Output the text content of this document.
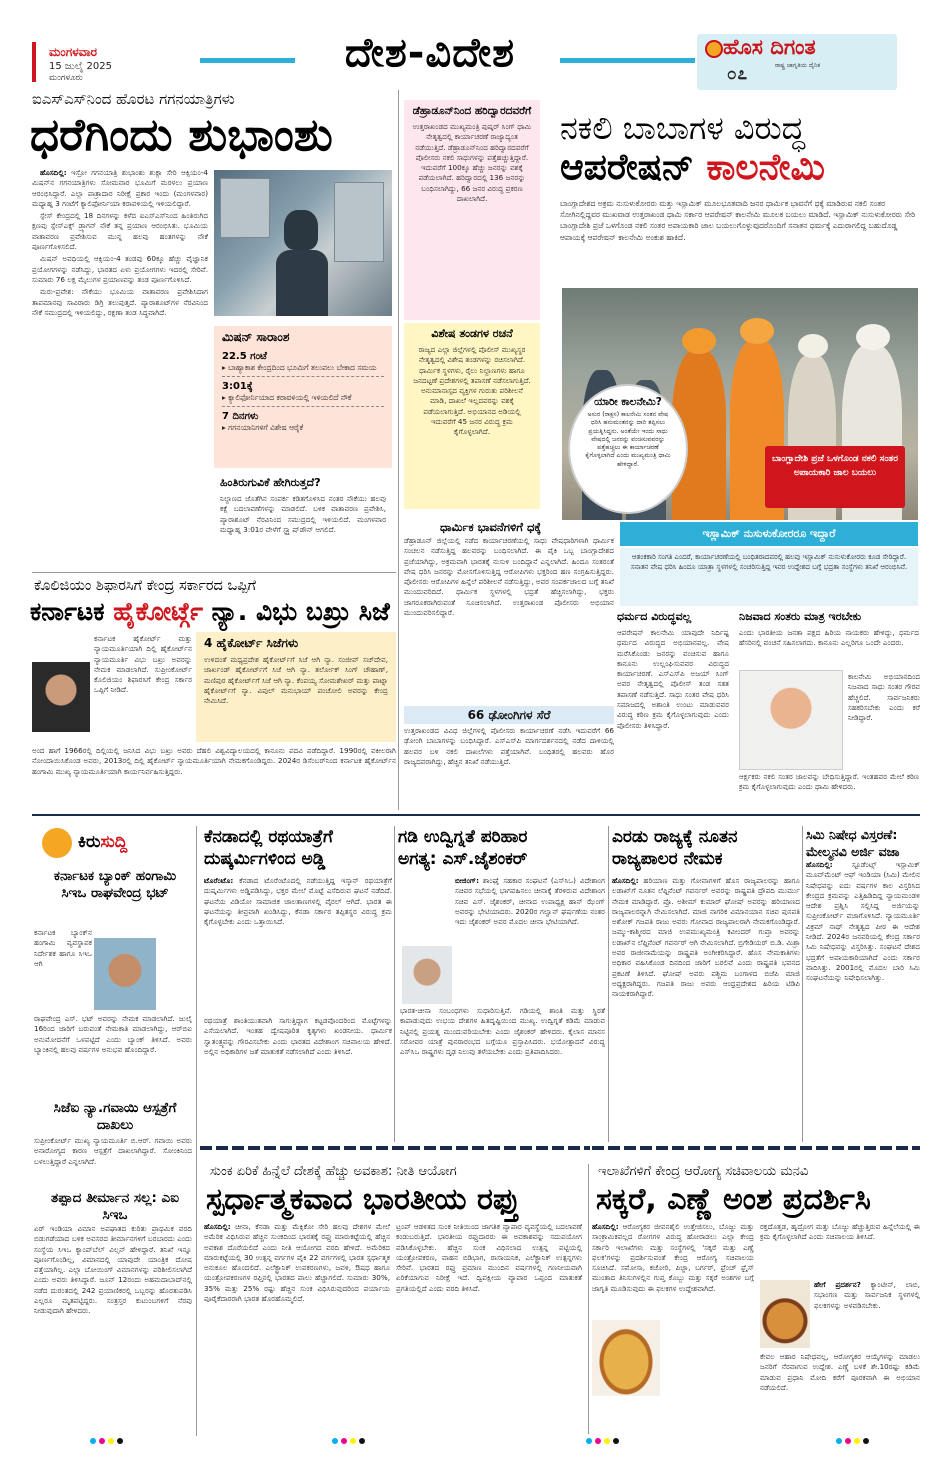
ಮಂಗಳವಾರ
15 ಜುಲೈ 2025
ಮಂಗಳೂರು
ದೇಶ-ವಿದೇಶ	ಹೊಸ ದಿಗಂತ
ರಾಷ್ಟ್ರ ಜಾಗೃತಿಯ ದೈನಿಕ
೦೭
ಐಎಸ್‌ಎಸ್‌ನಿಂದ ಹೊರಟ ಗಗನಯಾತ್ರಿಗಳು
ಧರೆಗಿಂದು ಶುಭಾಂಶು

ಹೊಸದಿಲ್ಲಿ: ಇಸ್ರೋ ಗಗನಯಾತ್ರಿ ಶುಭಾಂಶು ಶುಕ್ಲಾ ಸೇರಿ ಆಕ್ಸಿಯಂ-4 ಮಿಷನ್‌ನ ಗಗನಯಾತ್ರಿಗಳು ಸೋಮವಾರ ಭೂಮಿಗೆ ಮರಳಲು ಪ್ರಯಾಣ ಆರಂಭಿಸಿದ್ದಾರೆ. ಎಲ್ಲಾ ಪಾತ್ರಾದಾರ ನಿರೀಕ್ಷೆ ಪ್ರಕಾರ ಇಂದು (ಮಂಗಳವಾರ) ಮಧ್ಯಾಹ್ನ 3 ಗಂಟೆಗೆ ಕ್ಯಾಲಿಫೋರ್ನಿಯಾ ಕರಾವಳಿಯಲ್ಲಿ ಇಳಿಯಲಿದ್ದಾರೆ.

ಸ್ಪೇಸ್ ಕೇಂದ್ರದಲ್ಲಿ 18 ದಿನಗಳನ್ನು ಕಳೆದ ಐಎಸ್‌ಎಸ್‌ನಿಂದ ಹಿಂತಿರುಗಿದ ಕ್ಷಣವು ಸ್ಪೇಸ್‌ಎಕ್ಸ್ ಡ್ರ್ಯಾಗನ್ ನೌಕೆ ತನ್ನ ಪ್ರಯಾಣ ಆರಂಭಿಸಿತು. ಭೂಮಿಯ ವಾತಾವರಣ ಪ್ರವೇಶಿಸುವ ಮುನ್ನ ಹಲವು ಹಂತಗಳನ್ನು ನೌಕೆ ಪೂರ್ಣಗೊಳಿಸಲಿದೆ.

ಮಿಷನ್ ಅವಧಿಯಲ್ಲಿ ಆಕ್ಸಿಯಂ-4 ತಂಡವು 60ಕ್ಕೂ ಹೆಚ್ಚು ವೈಜ್ಞಾನಿಕ ಪ್ರಯೋಗಗಳನ್ನು ನಡೆಸಿದ್ದು, ಭಾರತದ ಏಳು ಪ್ರಯೋಗಗಳು ಇದರಲ್ಲಿ ಸೇರಿವೆ. ಸುಮಾರು 76 ಲಕ್ಷ ಮೈಲುಗಳ ಪ್ರಯಾಣವನ್ನು ತಂಡ ಪೂರ್ಣಗೊಳಿಸಿದೆ.

ಮರು-ಪ್ರವೇಶ: ನೌಕೆಯು ಭೂಮಿಯ ವಾತಾವರಣ ಪ್ರವೇಶಿಸಿದಾಗ ತಾಪಮಾನವು ಸಾವಿರಾರು ಡಿಗ್ರಿ ತಲುಪುತ್ತದೆ. ಪ್ಯಾರಾಶೂಟ್‌ಗಳ ನೆರವಿನಿಂದ ನೌಕೆ ಸಮುದ್ರದಲ್ಲಿ ಇಳಿಯಲಿದ್ದು, ರಕ್ಷಣಾ ತಂಡ ಸಿದ್ಧವಾಗಿದೆ.

ಮಿಷನ್ ಸಾರಾಂಶ
22.5 ಗಂಟೆ
▸ ಬಾಹ್ಯಾಕಾಶ ಕೇಂದ್ರದಿಂದ ಭೂಮಿಗೆ ತಲುಪಲು ಬೇಕಾದ ಸಮಯ
3:01ಕ್ಕೆ
▸ ಕ್ಯಾಲಿಫೋರ್ನಿಯಾದ ಕರಾವಳಿಯಲ್ಲಿ ಇಳಿಯಲಿದೆ ನೌಕೆ
7 ದಿನಗಳು
▸ ಗಗನಯಾನಿಗಳಿಗೆ ವಿಶೇಷ ಆರೈಕೆ
ಹಿಂತಿರುಗುವಿಕೆ ಹೇಗಿರುತ್ತದೆ?
ನಿಲ್ದಾಣದ ಜೊತೆಗಿನ ಸಂಪರ್ಕ ಕಡಿತಗೊಳಿಸಿದ ನಂತರ ನೌಕೆಯು ಹಲವು ಕಕ್ಷೆ ಬದಲಾವಣೆಗಳನ್ನು ಮಾಡಲಿದೆ. ಬಳಿಕ ವಾತಾವರಣ ಪ್ರವೇಶಿಸಿ, ಪ್ಯಾರಾಶೂಟ್ ನೆರವಿನಿಂದ ಸಮುದ್ರದಲ್ಲಿ ಇಳಿಯಲಿದೆ. ಮಂಗಳವಾರ ಮಧ್ಯಾಹ್ನ 3:01ರ ವೇಳೆಗೆ ಸ್ಪ್ಲ್ಯಾಷ್‌ಡೌನ್ ಆಗಲಿದೆ.
ಡೆಹ್ರಾಡೂನ್‌ನಿಂದ ಹರಿದ್ವಾರದವರೆಗೆ
ಉತ್ತರಾಖಂಡದ ಮುಖ್ಯಮಂತ್ರಿ ಪುಷ್ಕರ್ ಸಿಂಗ್ ಧಾಮಿ ನೇತೃತ್ವದಲ್ಲಿ ಕಾರ್ಯಾಚರಣೆ ರಾಜ್ಯಾದ್ಯಂತ ನಡೆಯುತ್ತಿದೆ. ಡೆಹ್ರಾಡೂನ್‌ನಿಂದ ಹರಿದ್ವಾರದವರೆಗೆ ಪೊಲೀಸರು ನಕಲಿ ಸಾಧುಗಳನ್ನು ಪತ್ತೆಹಚ್ಚುತ್ತಿದ್ದಾರೆ. ಇದುವರೆಗೆ 100ಕ್ಕೂ ಹೆಚ್ಚು ಜನರನ್ನು ವಶಕ್ಕೆ ಪಡೆಯಲಾಗಿದೆ. ಹರಿದ್ವಾರದಲ್ಲಿ 136 ಜನರನ್ನು ಬಂಧಿಸಲಾಗಿದ್ದು, 66 ಜನರ ವಿರುದ್ಧ ಪ್ರಕರಣ ದಾಖಲಾಗಿದೆ.
ವಿಶೇಷ ತಂಡಗಳ ರಚನೆ
ರಾಜ್ಯದ ಎಲ್ಲಾ ಜಿಲ್ಲೆಗಳಲ್ಲಿ ಪೊಲೀಸ್ ಮುಖ್ಯಸ್ಥರ ನೇತೃತ್ವದಲ್ಲಿ ವಿಶೇಷ ತಂಡಗಳನ್ನು ರಚಿಸಲಾಗಿದೆ. ಧಾರ್ಮಿಕ ಸ್ಥಳಗಳು, ರೈಲು ನಿಲ್ದಾಣಗಳು ಹಾಗೂ ಜನದಟ್ಟಣೆ ಪ್ರದೇಶಗಳಲ್ಲಿ ತಪಾಸಣೆ ನಡೆಸಲಾಗುತ್ತಿದೆ. ಅನುಮಾನಾಸ್ಪದ ವ್ಯಕ್ತಿಗಳ ಗುರುತು ಪರಿಶೀಲನೆ ಮಾಡಿ, ದಾಖಲೆ ಇಲ್ಲದವರನ್ನು ವಶಕ್ಕೆ ಪಡೆಯಲಾಗುತ್ತಿದೆ. ಅಭಿಯಾನದ ಅಡಿಯಲ್ಲಿ ಇದುವರೆಗೆ 45 ಜನರ ವಿರುದ್ಧ ಕ್ರಮ ಕೈಗೊಳ್ಳಲಾಗಿದೆ.
ನಕಲಿ ಬಾಬಾಗಳ ವಿರುದ್ಧ
ಆಪರೇಷನ್ ಕಾಲನೇಮಿ
ಬಾಂಗ್ಲಾದೇಶದ ಅಕ್ರಮ ನುಸುಳುಕೋರರು ಮತ್ತು ಇಸ್ಲಾಮಿಕ್ ಮೂಲಭೂತವಾದಿ ಜನರ ಧಾರ್ಮಿಕ ಭಾವನೆಗೆ ಧಕ್ಕೆ ಮಾಡಿರುವ ನಕಲಿ ಸಂತರ ಸೋಗಿನಲ್ಲಿದ್ದವರ ಮುಖವಾಡ ಉತ್ತರಾಖಂಡ ಧಾಮಿ ಸರ್ಕಾರ ಆಪರೇಷನ್ ಕಾಲನೇಮಿ ಮೂಲಕ ಬಯಲು ಮಾಡಿದೆ. ಇಸ್ಲಾಮಿಕ್ ನುಸುಳುಕೋರರು ಸೇರಿ ಬಾಂಗ್ಲಾದೇಶಿ ಪ್ರಜೆ ಒಳಗೊಂಡ ನಕಲಿ ಸಂತರ ಅಪಾಯಕಾರಿ ಜಾಲ ಬಯಲುಗೊಳ್ಳುವುದರೊಂದಿಗೆ ಸನಾತನ ಧರ್ಮಕ್ಕೆ ಎದುರಾಗಲಿದ್ದ ಬಹುದೊಡ್ಡ ಆಪಾಯಕ್ಕೆ ಆಪರೇಷನ್ ಕಾಲನೇಮಿ ಅಂಕುಶ ಹಾಕಿದೆ.
ಬಾಂಗ್ಲಾದೇಶಿ ಪ್ರಜೆ ಒಳಗೊಂಡ ನಕಲಿ ಸಂತರ ಅಪಾಯಕಾರಿ ಜಾಲ ಬಯಲು
ಯಾರೀ ಕಾಲನೇಮಿ?
ಅಸುರ (ರಾಕ್ಷಸ) ಕಾಲನೇಮಿ ಸಂತನ ವೇಷ ಧರಿಸಿ ಹನುಮಂತನನ್ನು ದಾರಿ ತಪ್ಪಿಸಲು ಪ್ರಯತ್ನಿಸಿದ್ದನು. ಅಂತೆಯೇ ಇಂದು ಸಾಧು ವೇಷದಲ್ಲಿ ಜನರನ್ನು ವಂಚಿಸುವವರನ್ನು ಪತ್ತೆಹಚ್ಚಲು ಈ ಕಾರ್ಯಾಚರಣೆ ಕೈಗೊಳ್ಳಲಾಗಿದೆ ಎಂದು ಮುಖ್ಯಮಂತ್ರಿ ಧಾಮಿ ಹೇಳಿದ್ದಾರೆ.
ಧಾರ್ಮಿಕ ಭಾವನೆಗಳಿಗೆ ಧಕ್ಕೆ
ಡೆಹ್ರಾಡೂನ್ ಜಿಲ್ಲೆಯಲ್ಲಿ ನಡೆದ ಕಾರ್ಯಾಚರಣೆಯಲ್ಲಿ ಸಾಧು ವೇಷಧಾರಿಗಳಾಗಿ ಧಾರ್ಮಿಕ ಸಂಚಲನ ನಡೆಸುತ್ತಿದ್ದ ಹಲವರನ್ನು ಬಂಧಿಸಲಾಗಿದೆ. ಈ ಪೈಕಿ ಒಬ್ಬ ಬಾಂಗ್ಲಾದೇಶದ ಪ್ರಜೆಯಾಗಿದ್ದು, ಅಕ್ರಮವಾಗಿ ಭಾರತಕ್ಕೆ ನುಸುಳಿ ಬಂದಿದ್ದಾನೆ ಎನ್ನಲಾಗಿದೆ. ಹಿಂದೂ ಸಂತರಂತೆ ವೇಷ ಧರಿಸಿ ಜನರನ್ನು ಮೋಸಗೊಳಿಸುತ್ತಿದ್ದ ಆರೋಪಿಗಳು ಭಕ್ತರಿಂದ ಹಣ ಸಂಗ್ರಹಿಸುತ್ತಿದ್ದರು. ಪೊಲೀಸರು ಆರೋಪಿಗಳ ಹಿನ್ನೆಲೆ ಪರಿಶೀಲನೆ ನಡೆಸುತ್ತಿದ್ದು, ಅವರ ಸಂಪರ್ಕಜಾಲದ ಬಗ್ಗೆ ತನಿಖೆ ಮುಂದುವರಿದಿದೆ. ಧಾರ್ಮಿಕ ಸ್ಥಳಗಳಲ್ಲಿ ಭದ್ರತೆ ಹೆಚ್ಚಿಸಲಾಗಿದ್ದು, ಭಕ್ತರು ಜಾಗರೂಕರಾಗಿರುವಂತೆ ಸೂಚಿಸಲಾಗಿದೆ. ಉತ್ತರಾಖಂಡ ಪೊಲೀಸರು ಅಭಿಯಾನ ಮುಂದುವರಿಸಲಿದ್ದಾರೆ.
ಇಸ್ಲಾಮಿಕ್ ನುಸುಳುಕೋರರೂ ಇದ್ದಾರೆ
ಆತಂಕಕಾರಿ ಸಂಗತಿ ಎಂದರೆ, ಕಾರ್ಯಾಚರಣೆಯಲ್ಲಿ ಬಂಧಿತರಾದವರಲ್ಲಿ ಹಲವು ಇಸ್ಲಾಮಿಕ್ ನುಸುಳುಕೋರರು ಕೂಡ ಸೇರಿದ್ದಾರೆ. ಸನಾತನ ವೇಷ ಧರಿಸಿ ಹಿಂದೂ ಯಾತ್ರಾ ಸ್ಥಳಗಳಲ್ಲಿ ಸಂಚರಿಸುತ್ತಿದ್ದ ಇವರ ಉದ್ದೇಶದ ಬಗ್ಗೆ ಭದ್ರತಾ ಸಂಸ್ಥೆಗಳು ತನಿಖೆ ಆರಂಭಿಸಿವೆ.
ಧರ್ಮದ ವಿರುದ್ಧವಲ್ಲ
ಆಪರೇಷನ್ ಕಾಲನೇಮಿ ಯಾವುದೇ ನಿರ್ದಿಷ್ಟ ಧರ್ಮದ ವಿರುದ್ಧದ ಅಭಿಯಾನವಲ್ಲ. ವೇಷ ಮರೆಸಿಕೊಂಡು ಜನರನ್ನು ವಂಚಿಸುವ ಹಾಗೂ ಕಾನೂನು ಉಲ್ಲಂಘಿಸುವವರ ವಿರುದ್ಧದ ಕಾರ್ಯಾಚರಣೆ. ಎಸ್‌ಎಸ್‌ಪಿ ಅಜಯ್ ಸಿಂಗ್ ಅವರ ನೇತೃತ್ವದಲ್ಲಿ ಪೊಲೀಸ್ ತಂಡ ಸತತ ತಪಾಸಣೆ ನಡೆಸುತ್ತಿದೆ. ಸಾಧು ಸಂತರ ವೇಷ ಧರಿಸಿ ಸಮಾಜದಲ್ಲಿ ಅಶಾಂತಿ ಉಂಟು ಮಾಡುವವರ ವಿರುದ್ಧ ಕಠಿಣ ಕ್ರಮ ಕೈಗೊಳ್ಳಲಾಗುವುದು ಎಂದು ಪೊಲೀಸರು ತಿಳಿಸಿದ್ದಾರೆ.
ನಿಜವಾದ ಸಂತರು ಮಾತ್ರ ಇರಬೇಕು
ಎಂದು ಭಾರತೀಯ ಜನತಾ ಪಕ್ಷದ ಹಿರಿಯ ನಾಯಕರು ಹೇಳಿದ್ದು, ಧರ್ಮದ ಹೆಸರಿನಲ್ಲಿ ವಂಚನೆ ಸಹಿಸಲಾಗದು. ಕಾನೂನು ಎಲ್ಲರಿಗೂ ಒಂದೇ ಎಂದರು.
ಕಾಲನೇಮಿ ಅಭಿಯಾನದಿಂದ ನಿಜವಾದ ಸಾಧು ಸಂತರ ಗೌರವ ಹೆಚ್ಚಲಿದೆ. ಸಾರ್ವಜನಿಕರು ಸಹಕರಿಸಬೇಕು ಎಂದು ಕರೆ ನೀಡಿದ್ದಾರೆ.
ಆರ್ಕ್ಷಕರು ನಕಲಿ ಸಂತರ ಜಾಲವನ್ನು ಬೇಧಿಸುತ್ತಿದ್ದಾರೆ. ಇಂತಹವರ ಮೇಲೆ ಕಠಿಣ ಕ್ರಮ ಕೈಗೊಳ್ಳಲಾಗುವುದು ಎಂದು ಧಾಮಿ ಹೇಳಿದರು.
66 ಢೋಂಗಿಗಳ ಸೆರೆ
ಉತ್ತರಾಖಂಡದ ವಿವಿಧ ಜಿಲ್ಲೆಗಳಲ್ಲಿ ಪೊಲೀಸರು ಕಾರ್ಯಾಚರಣೆ ನಡೆಸಿ ಇದುವರೆಗೆ 66 ಢೋಂಗಿ ಬಾಬಾಗಳನ್ನು ಬಂಧಿಸಿದ್ದಾರೆ. ಎಸ್‌ಎಸ್‌ಪಿ ಮಾರ್ಗದರ್ಶನದಲ್ಲಿ ನಡೆದ ದಾಳಿಯಲ್ಲಿ ಹಲವರ ಬಳಿ ನಕಲಿ ದಾಖಲೆಗಳು ಪತ್ತೆಯಾಗಿವೆ. ಬಂಧಿತರಲ್ಲಿ ಹಲವರು ಹೊರ ರಾಜ್ಯದವರಾಗಿದ್ದು, ಹೆಚ್ಚಿನ ತನಿಖೆ ನಡೆಯುತ್ತಿದೆ.
ಕೊಲಿಜಿಯಂ ಶಿಫಾರಸಿಗೆ ಕೇಂದ್ರ ಸರ್ಕಾರದ ಒಪ್ಪಿಗೆ
ಕರ್ನಾಟಕ ಹೈಕೋರ್ಟ್ಗೆ ನ್ಯಾ. ವಿಭು ಬಖ್ರು ಸಿಜೆ
ಕರ್ನಾಟಕ ಹೈಕೋರ್ಟ್ ಮತ್ತು ನ್ಯಾಯಮೂರ್ತಿಯಾಗಿ ದಿಲ್ಲಿ ಹೈಕೋರ್ಟ್‌ನ ನ್ಯಾಯಮೂರ್ತಿ ವಿಭು ಬಖ್ರು ಅವರನ್ನು ನೇಮಕ ಮಾಡಲಾಗಿದೆ. ಸುಪ್ರೀಂಕೋರ್ಟ್ ಕೊಲಿಜಿಯಂ ಶಿಫಾರಸಿಗೆ ಕೇಂದ್ರ ಸರ್ಕಾರ ಒಪ್ಪಿಗೆ ನೀಡಿದೆ.
4 ಹೈಕೋರ್ಟ್ ಸಿಜೆಗಳು
ಉಳಿದಂತೆ ಮಧ್ಯಪ್ರದೇಶ ಹೈಕೋರ್ಟ್‌ಗೆ ಸಿಜೆ ಆಗಿ ನ್ಯಾ. ಸಂಜೀವ್ ಸಚ್‌ದೇವ, ಜಾರ್ಖಂಡ್ ಹೈಕೋರ್ಟ್‌ಗೆ ಸಿಜೆ ಆಗಿ ನ್ಯಾ. ತರ್ಲೋಕ್ ಸಿಂಗ್ ಚೌಹಾಣ್, ಮಣಿಪುರ ಹೈಕೋರ್ಟ್‌ಗೆ ಸಿಜೆ ಆಗಿ ನ್ಯಾ. ಕೆಂಪಯ್ಯ ಸೋಮಶೇಖರ್ ಮತ್ತು ಪಾಟ್ನಾ ಹೈಕೋರ್ಟ್‌ಗೆ ನ್ಯಾ. ವಿಪುಲ್ ಮನುಭಾಯ್ ಪಂಚೋಲಿ ಅವರನ್ನು ಕೇಂದ್ರ ನೇಮಿಸಿದೆ.
ಅಂದ ಹಾಗೆ 1966ರಲ್ಲಿ ದಿಲ್ಲಿಯಲ್ಲಿ ಜನಿಸಿದ ವಿಭು ಬಖ್ರು ಅವರು ದೆಹಲಿ ವಿಶ್ವವಿದ್ಯಾಲಯದಲ್ಲಿ ಕಾನೂನು ಪದವಿ ಪಡೆದಿದ್ದಾರೆ. 1990ರಲ್ಲಿ ವಕೀಲರಾಗಿ ನೋಂದಾಯಿಸಿಕೊಂಡ ಅವರು, 2013ರಲ್ಲಿ ದಿಲ್ಲಿ ಹೈಕೋರ್ಟ್ ನ್ಯಾಯಮೂರ್ತಿಯಾಗಿ ನೇಮಕಗೊಂಡಿದ್ದರು. 2024ರ ಡಿಸೆಂಬರ್‌ನಿಂದ ಕರ್ನಾಟಕ ಹೈಕೋರ್ಟ್‌ನ ಹಂಗಾಮಿ ಮುಖ್ಯ ನ್ಯಾಯಮೂರ್ತಿಯಾಗಿ ಕಾರ್ಯನಿರ್ವಹಿಸುತ್ತಿದ್ದರು.
ಕಿರುಸುದ್ದಿ
ಕರ್ನಾಟಕ ಬ್ಯಾಂಕ್ ಹಂಗಾಮಿ ಸಿಇಒ ರಾಘವೇಂದ್ರ ಭಟ್
ಕರ್ನಾಟಕ ಬ್ಯಾಂಕ್‌ನ ಹಂಗಾಮಿ ವ್ಯವಸ್ಥಾಪಕ ನಿರ್ದೇಶಕ ಹಾಗೂ ಸಿಇಒ ಆಗಿ
ರಾಘವೇಂದ್ರ ಎಸ್. ಭಟ್ ಅವರನ್ನು ನೇಮಕ ಮಾಡಲಾಗಿದೆ. ಜುಲೈ 16ರಿಂದ ಜಾರಿಗೆ ಬರುವಂತೆ ನೇಮಕಾತಿ ಮಾಡಲಾಗಿದ್ದು, ಆರ್‌ಬಿಐ ಅನುಮೋದನೆಗೆ ಒಳಪಟ್ಟಿದೆ ಎಂದು ಬ್ಯಾಂಕ್ ತಿಳಿಸಿದೆ. ಅವರು ಬ್ಯಾಂಕಿನಲ್ಲಿ ಹಲವು ವರ್ಷಗಳ ಅನುಭವ ಹೊಂದಿದ್ದಾರೆ.
ಸಿಜೆಐ ನ್ಯಾ.ಗವಾಯಿ ಆಸ್ಪತ್ರೆಗೆ ದಾಖಲು
ಸುಪ್ರೀಂಕೋರ್ಟ್ ಮುಖ್ಯ ನ್ಯಾಯಮೂರ್ತಿ ಬಿ.ಆರ್. ಗವಾಯಿ ಅವರು ಅನಾರೋಗ್ಯದ ಕಾರಣ ಆಸ್ಪತ್ರೆಗೆ ದಾಖಲಾಗಿದ್ದಾರೆ. ಸೋಂಕಿನಿಂದ ಬಳಲುತ್ತಿದ್ದಾರೆ ಎನ್ನಲಾಗಿದೆ.
ತಪ್ಪಾದ ತೀರ್ಮಾನ ಸಲ್ಲ: ಎಐ ಸಿಇಒ
ಏರ್ ಇಂಡಿಯಾ ವಿಮಾನ ಅಪಘಾತದ ಕುರಿತು ಪ್ರಾಥಮಿಕ ವರದಿ ಬಿಡುಗಡೆಯಾದ ಬಳಿಕ ಅವಸರದ ತೀರ್ಮಾನಗಳಿಗೆ ಬರಬಾರದು ಎಂದು ಸಂಸ್ಥೆಯ ಸಿಇಒ ಕ್ಯಾಂಪ್‌ಬೆಲ್ ವಿಲ್ಸನ್ ಹೇಳಿದ್ದಾರೆ. ತನಿಖೆ ಇನ್ನೂ ಪೂರ್ಣಗೊಂಡಿಲ್ಲ, ವಿಮಾನದಲ್ಲಿ ಯಾವುದೇ ಯಾಂತ್ರಿಕ ದೋಷ ಪತ್ತೆಯಾಗಿಲ್ಲ. ಎಲ್ಲಾ ಬೋಯಿಂಗ್ ವಿಮಾನಗಳನ್ನು ಪರಿಶೀಲಿಸಲಾಗಿದೆ ಎಂದು ಅವರು ತಿಳಿಸಿದ್ದಾರೆ. ಜೂನ್ 12ರಂದು ಅಹಮದಾಬಾದ್‌ನಲ್ಲಿ ನಡೆದ ದುರಂತದಲ್ಲಿ 242 ಪ್ರಯಾಣಿಕರಲ್ಲಿ ಒಬ್ಬರನ್ನು ಹೊರತುಪಡಿಸಿ ಎಲ್ಲರೂ ಮೃತಪಟ್ಟಿದ್ದರು. ಸಂತ್ರಸ್ತರ ಕುಟುಂಬಗಳಿಗೆ ನೆರವು ನೀಡುವುದಾಗಿ ಹೇಳಿದರು.
ಕೆನಡಾದಲ್ಲಿ ರಥಯಾತ್ರೆಗೆ
ದುಷ್ಕರ್ಮಿಗಳಿಂದ ಅಡ್ಡಿ
ಟೊರೆಂಟೊ: ಕೆನಡಾದ ಟೊರೆಂಟೊದಲ್ಲಿ ನಡೆಯುತ್ತಿದ್ದ ಇಸ್ಕಾನ್ ರಥಯಾತ್ರೆಗೆ ದುಷ್ಕರ್ಮಿಗಳು ಅಡ್ಡಿಪಡಿಸಿದ್ದು, ಭಕ್ತರ ಮೇಲೆ ಮೊಟ್ಟೆ ಎಸೆದಿರುವ ಘಟನೆ ನಡೆದಿದೆ. ಘಟನೆಯ ವಿಡಿಯೋ ಸಾಮಾಜಿಕ ಜಾಲತಾಣಗಳಲ್ಲಿ ವೈರಲ್ ಆಗಿದೆ. ಭಾರತ ಈ ಘಟನೆಯನ್ನು ತೀವ್ರವಾಗಿ ಖಂಡಿಸಿದ್ದು, ಕೆನಡಾ ಸರ್ಕಾರ ತಪ್ಪಿತಸ್ಥರ ವಿರುದ್ಧ ಕ್ರಮ ಕೈಗೊಳ್ಳಬೇಕು ಎಂದು ಒತ್ತಾಯಿಸಿದೆ.
ರಥಯಾತ್ರೆ ಶಾಂತಿಯುತವಾಗಿ ಸಾಗುತ್ತಿದ್ದಾಗ ಕಟ್ಟಡವೊಂದರಿಂದ ಮೊಟ್ಟೆಗಳನ್ನು ಎಸೆಯಲಾಗಿದೆ. ಇಂತಹ ದ್ವೇಷಪೂರಿತ ಕೃತ್ಯಗಳು ಖಂಡನೀಯ. ಧಾರ್ಮಿಕ ಸ್ವಾತಂತ್ರ್ಯವನ್ನು ಗೌರವಿಸಬೇಕು ಎಂದು ಭಾರತದ ವಿದೇಶಾಂಗ ಸಚಿವಾಲಯ ಹೇಳಿದೆ. ಅಲ್ಲಿನ ಅಧಿಕಾರಿಗಳ ಜತೆ ಮಾತುಕತೆ ನಡೆಸಲಾಗಿದೆ ಎಂದು ತಿಳಿಸಿದೆ.
ಗಡಿ ಉದ್ವಿಗ್ನತೆ ಪರಿಹಾರ
ಅಗತ್ಯ: ಎಸ್.ಜೈಶಂಕರ್
ಬೀಜಿಂಗ್: ಶಾಂಘೈ ಸಹಕಾರ ಸಂಘಟನೆ (ಎಸ್‌ಸಿಒ) ವಿದೇಶಾಂಗ ಸಚಿವರ ಸಭೆಯಲ್ಲಿ ಭಾಗವಹಿಸಲು ಚೀನಾಕ್ಕೆ ತೆರಳಿರುವ ವಿದೇಶಾಂಗ ಸಚಿವ ಎಸ್. ಜೈಶಂಕರ್, ಚೀನಾದ ಉಪಾಧ್ಯಕ್ಷ ಹಾನ್ ಝೆಂಗ್ ಅವರನ್ನು ಭೇಟಿಯಾದರು. 2020ರ ಗಲ್ವಾನ್ ಘರ್ಷಣೆಯ ನಂತರ ಇದು ಜೈಶಂಕರ್ ಅವರ ಮೊದಲ ಚೀನಾ ಭೇಟಿಯಾಗಿದೆ.
ಭಾರತ-ಚೀನಾ ಸಂಬಂಧಗಳು ಸುಧಾರಿಸುತ್ತಿವೆ. ಗಡಿಯಲ್ಲಿ ಶಾಂತಿ ಮತ್ತು ಸ್ಥಿರತೆ ಕಾಪಾಡುವುದು ಉಭಯ ದೇಶಗಳ ಹಿತದೃಷ್ಟಿಯಿಂದ ಮುಖ್ಯ. ಉದ್ವಿಗ್ನತೆ ಕಡಿಮೆ ಮಾಡುವ ನಿಟ್ಟಿನಲ್ಲಿ ಪ್ರಯತ್ನ ಮುಂದುವರಿಯಬೇಕು ಎಂದು ಜೈಶಂಕರ್ ಹೇಳಿದರು. ಕೈಲಾಸ ಮಾನಸ ಸರೋವರ ಯಾತ್ರೆ ಪುನರಾರಂಭದ ಬಗ್ಗೆಯೂ ಪ್ರಸ್ತಾಪಿಸಿದರು. ಭಯೋತ್ಪಾದನೆ ವಿರುದ್ಧ ಎಸ್‌ಸಿಒ ರಾಷ್ಟ್ರಗಳು ದೃಢ ನಿಲುವು ತಳೆಯಬೇಕು ಎಂದು ಪ್ರತಿಪಾದಿಸಿದರು.
ಎರಡು ರಾಜ್ಯಕ್ಕೆ ನೂತನ
ರಾಜ್ಯಪಾಲರ ನೇಮಕ
ಹೊಸದಿಲ್ಲಿ: ಹರಿಯಾಣ ಮತ್ತು ಗೋವಾಗಳಿಗೆ ಹೊಸ ರಾಜ್ಯಪಾಲರನ್ನು ಹಾಗೂ ಲಡಾಖ್‌ಗೆ ನೂತನ ಲೆಫ್ಟಿನೆಂಟ್ ಗವರ್ನರ್ ಅವರನ್ನು ರಾಷ್ಟ್ರಪತಿ ದ್ರೌಪದಿ ಮುರ್ಮು ನೇಮಕ ಮಾಡಿದ್ದಾರೆ. ಪ್ರೊ. ಅಶೀಮ್ ಕುಮಾರ್ ಘೋಷ್ ಅವರನ್ನು ಹರಿಯಾಣದ ರಾಜ್ಯಪಾಲರನ್ನಾಗಿ ನೇಮಿಸಲಾಗಿದೆ. ಮಾಜಿ ನಾಗರಿಕ ವಿಮಾನಯಾನ ಸಚಿವ ಪುಸಪತಿ ಅಶೋಕ್ ಗಜಪತಿ ರಾಜು ಅವರು ಗೋವಾದ ರಾಜ್ಯಪಾಲರಾಗಿ ನೇಮಕಗೊಂಡಿದ್ದಾರೆ. ಜಮ್ಮು-ಕಾಶ್ಮೀರದ ಮಾಜಿ ಉಪಮುಖ್ಯಮಂತ್ರಿ ಕವೀಂದರ್ ಗುಪ್ತಾ ಅವರನ್ನು ಲಡಾಖ್‌ನ ಲೆಫ್ಟಿನೆಂಟ್ ಗವರ್ನರ್ ಆಗಿ ನೇಮಿಸಲಾಗಿದೆ. ಬ್ರಿಗೇಡಿಯರ್ ಬಿ.ಡಿ. ಮಿಶ್ರಾ ಅವರ ರಾಜೀನಾಮೆಯನ್ನು ರಾಷ್ಟ್ರಪತಿ ಅಂಗೀಕರಿಸಿದ್ದಾರೆ. ಹೊಸ ನೇಮಕಾತಿಗಳು ಅಧಿಕಾರ ವಹಿಸಿಕೊಂಡ ದಿನದಿಂದ ಜಾರಿಗೆ ಬರಲಿವೆ ಎಂದು ರಾಷ್ಟ್ರಪತಿ ಭವನದ ಪ್ರಕಟಣೆ ತಿಳಿಸಿದೆ. ಘೋಷ್ ಅವರು ಪಶ್ಚಿಮ ಬಂಗಾಳದ ಬಿಜೆಪಿ ಮಾಜಿ ಅಧ್ಯಕ್ಷರಾಗಿದ್ದರು. ಗಜಪತಿ ರಾಜು ಅವರು ಆಂಧ್ರಪ್ರದೇಶದ ಹಿರಿಯ ಟಿಡಿಪಿ ನಾಯಕರಾಗಿದ್ದಾರೆ.
ಸಿಮಿ ನಿಷೇಧ ವಿಸ್ತರಣೆ: ಮೇಲ್ಮನವಿ ಅರ್ಜಿ ವಜಾ
ಹೊಸದಿಲ್ಲಿ:	ಸ್ಟೂಡೆಂಟ್ಸ್ ಇಸ್ಲಾಮಿಕ್ ಮೂವ್‌ಮೆಂಟ್ ಆಫ್ ಇಂಡಿಯಾ (ಸಿಮಿ) ಮೇಲಿನ ನಿಷೇಧವನ್ನು ಐದು ವರ್ಷಗಳ ಕಾಲ ವಿಸ್ತರಿಸಿದ ಕೇಂದ್ರದ ಕ್ರಮವನ್ನು ಎತ್ತಿಹಿಡಿದಿದ್ದ ನ್ಯಾಯಮಂಡಳಿ ಆದೇಶ ಪ್ರಶ್ನಿಸಿ ಸಲ್ಲಿಸಿದ್ದ ಅರ್ಜಿಯನ್ನು ಸುಪ್ರೀಂಕೋರ್ಟ್ ವಜಾಗೊಳಿಸಿದೆ. ನ್ಯಾಯಮೂರ್ತಿ ವಿಕ್ರಮ್ ನಾಥ್ ನೇತೃತ್ವದ ಪೀಠ ಈ ಆದೇಶ ನೀಡಿದೆ. 2024ರ ಜನವರಿಯಲ್ಲಿ ಕೇಂದ್ರ ಸರ್ಕಾರ ಸಿಮಿ ನಿಷೇಧವನ್ನು ವಿಸ್ತರಿಸಿತ್ತು. ಸಂಘಟನೆ ದೇಶದ ಭದ್ರತೆಗೆ ಅಪಾಯಕಾರಿಯಾಗಿದೆ ಎಂದು ಸರ್ಕಾರ ವಾದಿಸಿತ್ತು. 2001ರಲ್ಲಿ ಮೊದಲ ಬಾರಿ ಸಿಮಿ ಸಂಘಟನೆಯನ್ನು ನಿಷೇಧಿಸಲಾಗಿತ್ತು.
ಸುಂಕ ಏರಿಕೆ ಹಿನ್ನೆಲೆ ದೇಶಕ್ಕೆ ಹೆಚ್ಚು ಅವಕಾಶ: ನೀತಿ ಆಯೋಗ
ಸ್ಪರ್ಧಾತ್ಮಕವಾದ ಭಾರತೀಯ ರಫ್ತು
ಹೊಸದಿಲ್ಲಿ: ಚೀನಾ, ಕೆನಡಾ ಮತ್ತು ಮೆಕ್ಸಿಕೋ ಸೇರಿ ಹಲವು ದೇಶಗಳ ಮೇಲೆ ಅಮೆರಿಕ ವಿಧಿಸಿರುವ ಹೆಚ್ಚಿನ ಸುಂಕದಿಂದ ಭಾರತಕ್ಕೆ ರಫ್ತು ಮಾರುಕಟ್ಟೆಯಲ್ಲಿ ಹೆಚ್ಚಿನ ಅವಕಾಶ ದೊರೆಯಲಿದೆ ಎಂದು ನೀತಿ ಆಯೋಗದ ವರದಿ ಹೇಳಿದೆ. ಅಮೆರಿಕದ ಮಾರುಕಟ್ಟೆಯಲ್ಲಿ 30 ಉತ್ಪನ್ನ ವರ್ಗಗಳ ಪೈಕಿ 22 ವರ್ಗಗಳಲ್ಲಿ ಭಾರತ ಸ್ಪರ್ಧಾತ್ಮಕ ಅನುಕೂಲ ಹೊಂದಲಿದೆ. ಎಲೆಕ್ಟ್ರಾನಿಕ್ ಉಪಕರಣಗಳು, ಜವಳಿ, ಔಷಧ ಹಾಗೂ ಯಂತ್ರೋಪಕರಣಗಳ ರಫ್ತಿನಲ್ಲಿ ಭಾರತದ ಪಾಲು ಹೆಚ್ಚಾಗಲಿದೆ. ಸುಮಾರು 30%, 35% ಮತ್ತು 25% ರಷ್ಟು ಹೆಚ್ಚಿನ ಸುಂಕ ವಿಧಿಸಿರುವುದರಿಂದ ಪರ್ಯಾಯ ಪೂರೈಕೆದಾರರಾಗಿ ಭಾರತ ಹೊರಹೊಮ್ಮಲಿದೆ.
ಟ್ರಂಪ್ ಆಡಳಿತದ ಸುಂಕ ನೀತಿಯಿಂದ ಜಾಗತಿಕ ವ್ಯಾಪಾರ ವ್ಯವಸ್ಥೆಯಲ್ಲಿ ಬದಲಾವಣೆ ಕಂಡುಬರುತ್ತಿದೆ. ಭಾರತೀಯ ರಫ್ತುದಾರರು ಈ ಅವಕಾಶವನ್ನು ಸದುಪಯೋಗ ಪಡಿಸಿಕೊಳ್ಳಬೇಕು. ಹೆಚ್ಚಿನ ಸುಂಕ ವಿಧಿಸಲಾದ ಉತ್ಪನ್ನ ಪಟ್ಟಿಯಲ್ಲಿ ಯಂತ್ರೋಪಕರಣ, ವಾಹನ ಬಿಡಿಭಾಗ, ರಾಸಾಯನಿಕ, ಎಲೆಕ್ಟ್ರಾನಿಕ್ ಉತ್ಪನ್ನಗಳು ಸೇರಿವೆ. ಭಾರತದ ರಫ್ತು ಪ್ರಮಾಣ ಮುಂದಿನ ವರ್ಷಗಳಲ್ಲಿ ಗಣನೀಯವಾಗಿ ಏರಿಕೆಯಾಗುವ ನಿರೀಕ್ಷೆ ಇದೆ. ದ್ವಿಪಕ್ಷೀಯ ವ್ಯಾಪಾರ ಒಪ್ಪಂದ ಮಾತುಕತೆ ಪ್ರಗತಿಯಲ್ಲಿದೆ ಎಂದು ವರದಿ ತಿಳಿಸಿದೆ.
ಇಲಾಖೆಗಳಿಗೆ ಕೇಂದ್ರ ಆರೋಗ್ಯ ಸಚಿವಾಲಯ ಮನವಿ
ಸಕ್ಕರೆ, ಎಣ್ಣೆ ಅಂಶ ಪ್ರದರ್ಶಿಸಿ
ಹೊಸದಿಲ್ಲಿ: ಆರೋಗ್ಯಕರ ಜೀವನಶೈಲಿ ಉತ್ತೇಜಿಸಲು, ಬೊಜ್ಜು ಮತ್ತು ಸಾಂಕ್ರಾಮಿಕವಲ್ಲದ ರೋಗಗಳ ವಿರುದ್ಧ ಹೋರಾಡಲು ಎಲ್ಲಾ ಕೇಂದ್ರ ಸರ್ಕಾರಿ ಇಲಾಖೆಗಳು ಮತ್ತು ಸಂಸ್ಥೆಗಳಲ್ಲಿ 'ಸಕ್ಕರೆ ಮತ್ತು ಎಣ್ಣೆ ಫಲಕ'ಗಳನ್ನು ಪ್ರದರ್ಶಿಸುವಂತೆ ಕೇಂದ್ರ ಆರೋಗ್ಯ ಸಚಿವಾಲಯ ಸೂಚಿಸಿದೆ. ಸಮೋಸಾ, ಕಚೋರಿ, ಪಿಜ್ಜಾ, ಬರ್ಗರ್, ಫ್ರೆಂಚ್ ಫ್ರೈಸ್ ಮುಂತಾದ ತಿನಿಸುಗಳಲ್ಲಿನ ಗುಪ್ತ ಕೊಬ್ಬು ಮತ್ತು ಸಕ್ಕರೆ ಅಂಶಗಳ ಬಗ್ಗೆ ಜಾಗೃತಿ ಮೂಡಿಸುವುದು ಈ ಫಲಕಗಳ ಉದ್ದೇಶವಾಗಿದೆ.
ರಕ್ತದೊತ್ತಡ, ಹೃದ್ರೋಗ ಮತ್ತು ಬೊಜ್ಜು ಹೆಚ್ಚುತ್ತಿರುವ ಹಿನ್ನೆಲೆಯಲ್ಲಿ ಈ ಕ್ರಮ ಕೈಗೊಳ್ಳಲಾಗಿದೆ ಎಂದು ಸಚಿವಾಲಯ ತಿಳಿಸಿದೆ.
ಹೇಗೆ ಪ್ರದರ್ಶನ? ಕ್ಯಾಂಟೀನ್, ಲಾಬಿ, ಸಭಾಂಗಣ ಮತ್ತು ಸಾರ್ವಜನಿಕ ಸ್ಥಳಗಳಲ್ಲಿ ಫಲಕಗಳನ್ನು ಅಳವಡಿಸಬೇಕು.
ಕೇವಲ ಆಹಾರ ನಿಷೇಧವಲ್ಲ, ಆರೋಗ್ಯಕರ ಆಯ್ಕೆಗಳನ್ನು ಮಾಡಲು ಜನರಿಗೆ ನೆರವಾಗುವ ಉದ್ದೇಶ. ಎಣ್ಣೆ ಬಳಕೆ ಶೇ.10ರಷ್ಟು ಕಡಿಮೆ ಮಾಡುವ ಪ್ರಧಾನಿ ಮೋದಿ ಕರೆಗೆ ಪೂರಕವಾಗಿ ಈ ಅಭಿಯಾನ ನಡೆಯಲಿದೆ.
